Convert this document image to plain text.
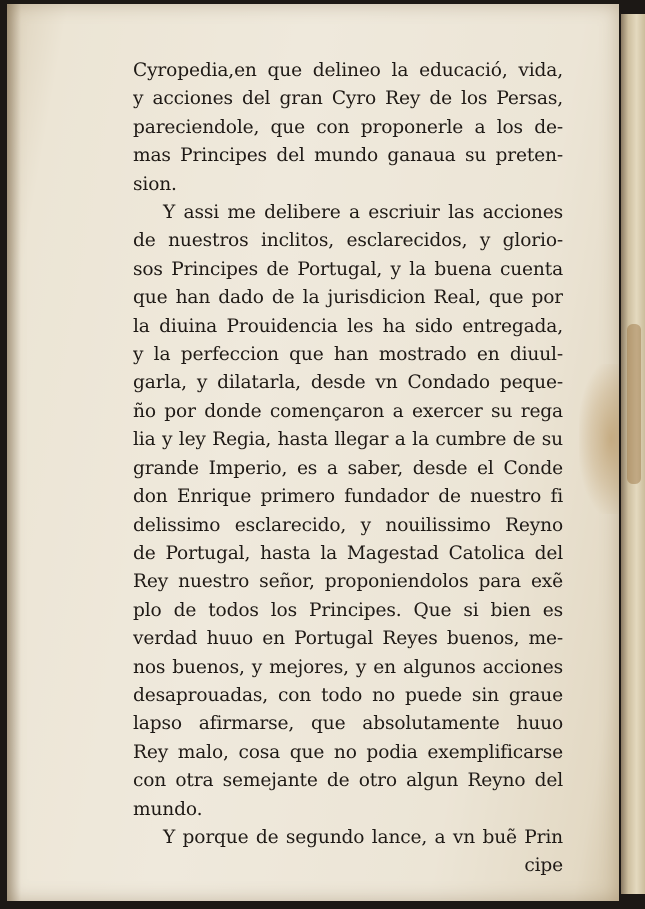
Cyropedia,en que delineo la educació, vida,
y acciones del gran Cyro Rey de los Persas,
pareciendole, que con proponerle a los de-
mas Principes del mundo ganaua su preten-
sion.
Y assi me delibere a escriuir las acciones
de nuestros inclitos, esclarecidos, y glorio-
sos Principes de Portugal, y la buena cuenta
que han dado de la jurisdicion Real, que por
la diuina Prouidencia les ha sido entregada,
y la perfeccion que han mostrado en diuul-
garla, y dilatarla, desde vn Condado peque-
ño por donde començaron a exercer su rega
lia y ley Regia, hasta llegar a la cumbre de su
grande Imperio, es a saber, desde el Conde
don Enrique primero fundador de nuestro fi
delissimo esclarecido, y nouilissimo Reyno
de Portugal, hasta la Magestad Catolica del
Rey nuestro señor, proponiendolos para exẽ
plo de todos los Principes. Que si bien es
verdad huuo en Portugal Reyes buenos, me-
nos buenos, y mejores, y en algunos acciones
desaprouadas, con todo no puede sin graue
lapso afirmarse, que absolutamente huuo
Rey malo, cosa que no podia exemplificarse
con otra semejante de otro algun Reyno del
mundo.
Y porque de segundo lance, a vn buẽ Prin
cipe
